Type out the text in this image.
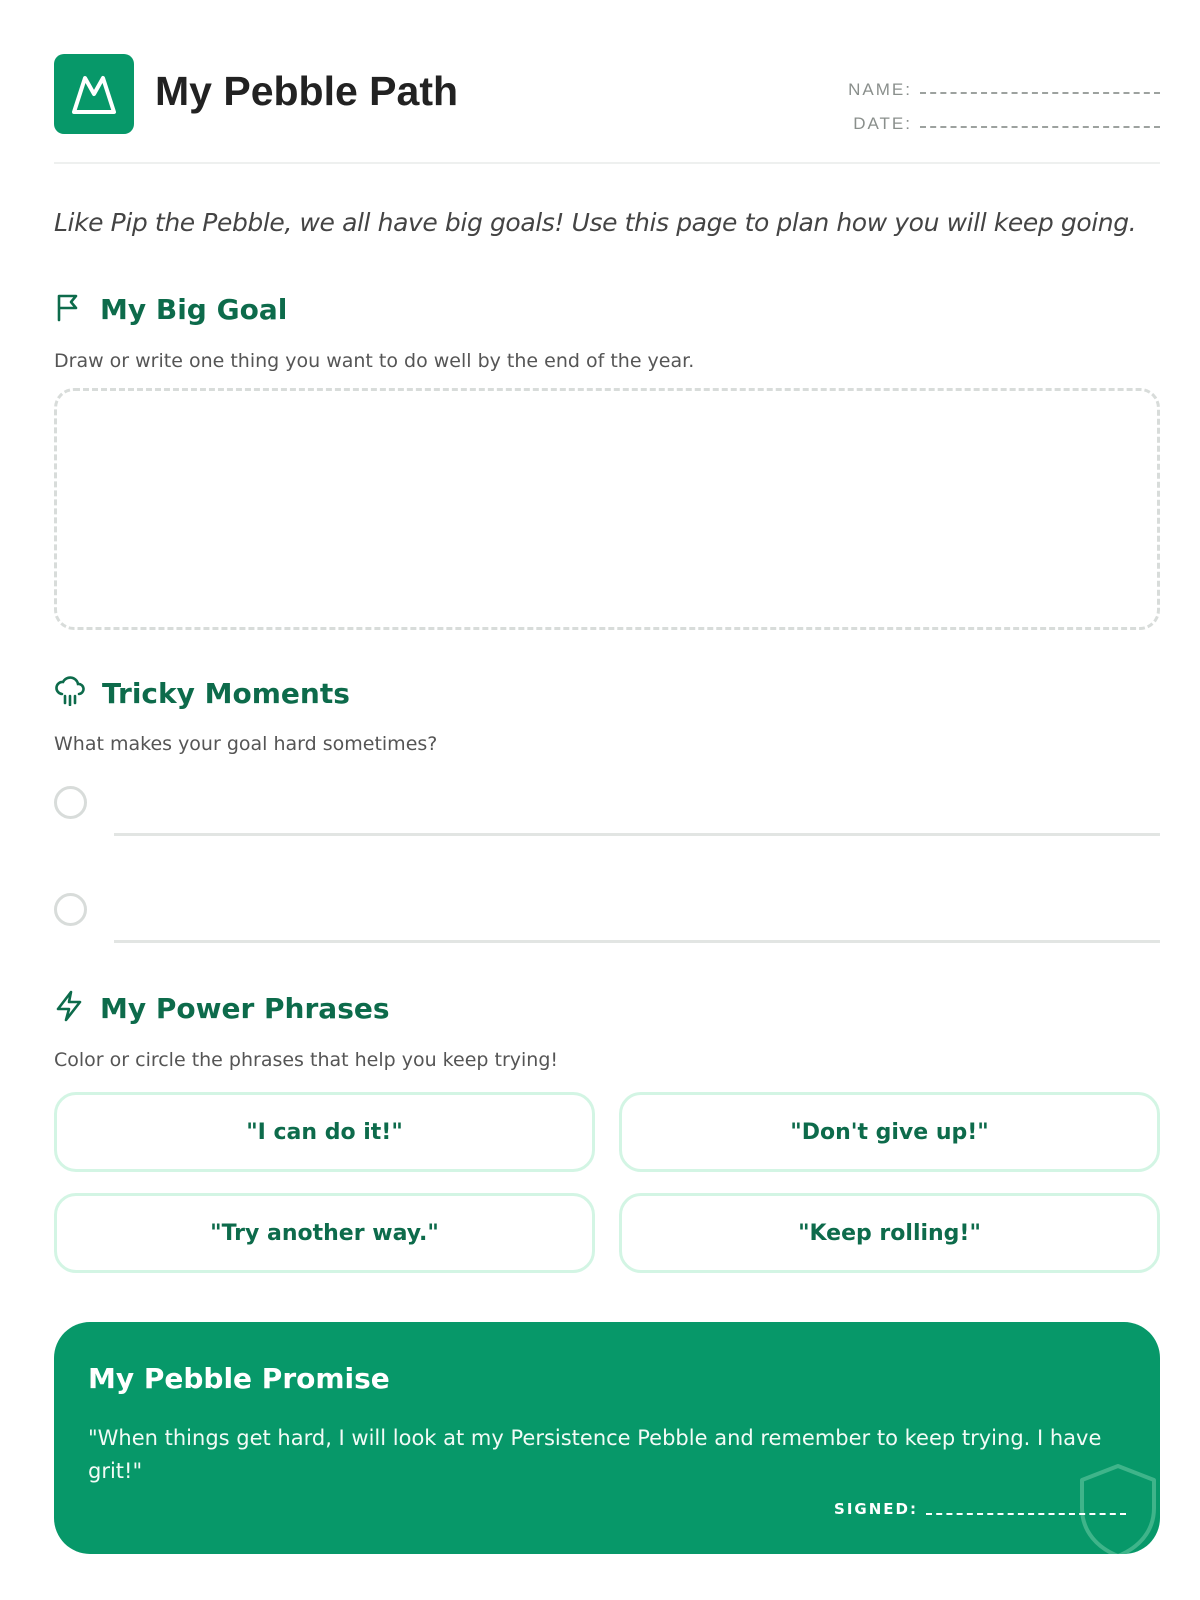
My Pebble Path	NAME:
DATE:
Like Pip the Pebble, we all have big goals! Use this page to plan how you will keep going.
My Big Goal
Draw or write one thing you want to do well by the end of the year.
Tricky Moments
What makes your goal hard sometimes?
My Power Phrases
Color or circle the phrases that help you keep trying!
"I can do it!"	"Don't give up!"
"Try another way."	"Keep rolling!"
My Pebble Promise
"When things get hard, I will look at my Persistence Pebble and remember to keep trying. I have grit!"
SIGNED:
